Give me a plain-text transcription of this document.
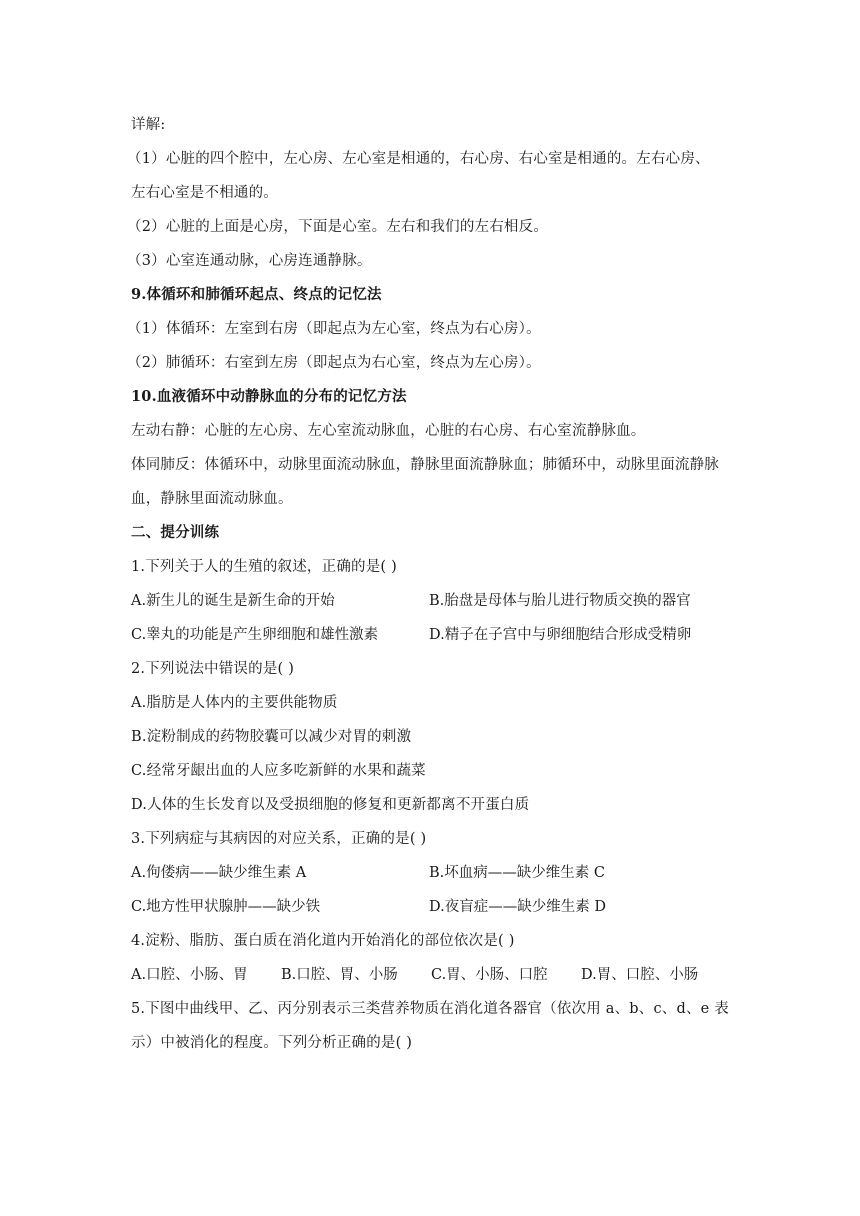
详解:
（1）心脏的四个腔中，左心房、左心室是相通的，右心房、右心室是相通的。左右心房、
左右心室是不相通的。
（2）心脏的上面是心房，下面是心室。左右和我们的左右相反。
（3）心室连通动脉，心房连通静脉。
9.体循环和肺循环起点、终点的记忆法
（1）体循环：左室到右房（即起点为左心室，终点为右心房）。
（2）肺循环：右室到左房（即起点为右心室，终点为左心房）。
10.血液循环中动静脉血的分布的记忆方法
左动右静：心脏的左心房、左心室流动脉血，心脏的右心房、右心室流静脉血。
体同肺反：体循环中，动脉里面流动脉血，静脉里面流静脉血；肺循环中，动脉里面流静脉
血，静脉里面流动脉血。
二、提分训练
1.下列关于人的生殖的叙述，正确的是( )
A.新生儿的诞生是新生命的开始	B.胎盘是母体与胎儿进行物质交换的器官
C.睾丸的功能是产生卵细胞和雄性激素	D.精子在子宫中与卵细胞结合形成受精卵
2.下列说法中错误的是( )
A.脂肪是人体内的主要供能物质
B.淀粉制成的药物胶囊可以减少对胃的刺激
C.经常牙龈出血的人应多吃新鲜的水果和蔬菜
D.人体的生长发育以及受损细胞的修复和更新都离不开蛋白质
3.下列病症与其病因的对应关系，正确的是( )
A.佝偻病——缺少维生素 A	B.坏血病——缺少维生素 C
C.地方性甲状腺肿——缺少铁	D.夜盲症——缺少维生素 D
4.淀粉、脂肪、蛋白质在消化道内开始消化的部位依次是( )
A.口腔、小肠、胃	B.口腔、胃、小肠	C.胃、小肠、口腔	D.胃、口腔、小肠
5.下图中曲线甲、乙、丙分别表示三类营养物质在消化道各器官（依次用 a、b、c、d、e 表
示）中被消化的程度。下列分析正确的是( )
